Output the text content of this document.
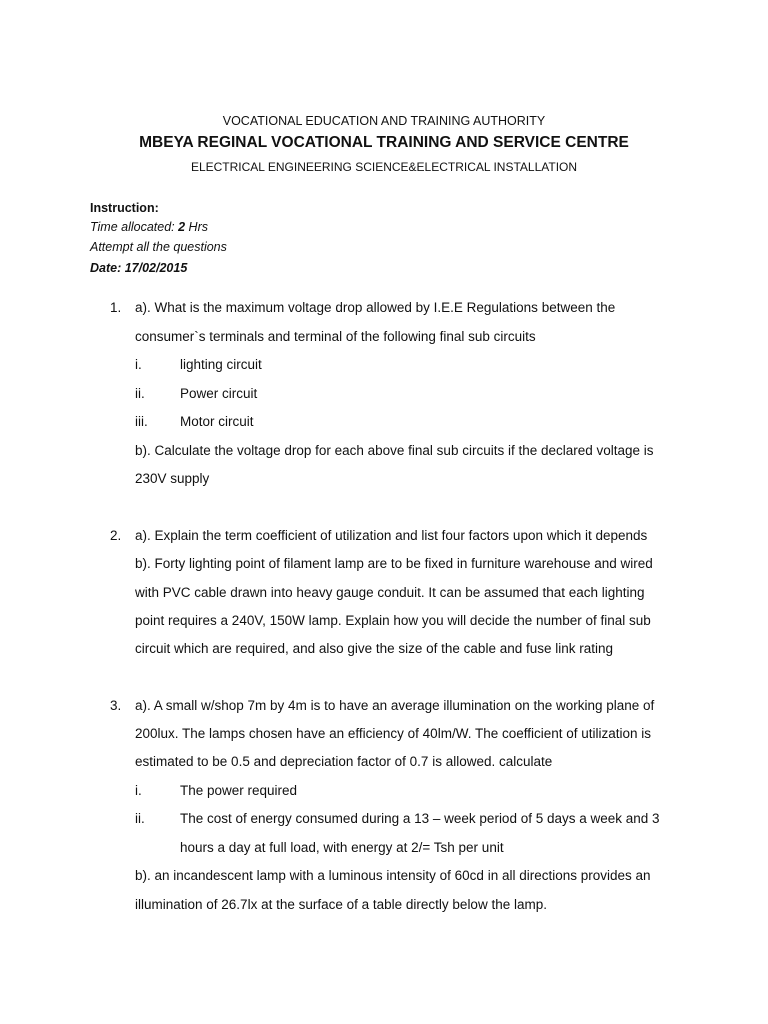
VOCATIONAL EDUCATION AND TRAINING AUTHORITY
MBEYA REGINAL VOCATIONAL TRAINING AND SERVICE CENTRE
ELECTRICAL ENGINEERING SCIENCE&ELECTRICAL INSTALLATION
Instruction:
Time allocated: 2 Hrs
Attempt all the questions
Date: 17/02/2015
1. a). What is the maximum voltage drop allowed by I.E.E Regulations between the
consumer`s terminals and terminal of the following final sub circuits
i.	lighting circuit
ii.	Power circuit
iii. Motor circuit
b). Calculate the voltage drop for each above final sub circuits if the declared voltage is
230V supply
2. a). Explain the term coefficient of utilization and list four factors upon which it depends
b). Forty lighting point of filament lamp are to be fixed in furniture warehouse and wired
with PVC cable drawn into heavy gauge conduit. It can be assumed that each lighting
point requires a 240V, 150W lamp. Explain how you will decide the number of final sub
circuit which are required, and also give the size of the cable and fuse link rating
3. a). A small w/shop 7m by 4m is to have an average illumination on the working plane of
200lux. The lamps chosen have an efficiency of 40lm/W. The coefficient of utilization is
estimated to be 0.5 and depreciation factor of 0.7 is allowed. calculate
i.	The power required
ii.	The cost of energy consumed during a 13 – week period of 5 days a week and 3
hours a day at full load, with energy at 2/= Tsh per unit
b). an incandescent lamp with a luminous intensity of 60cd in all directions provides an
illumination of 26.7lx at the surface of a table directly below the lamp.
